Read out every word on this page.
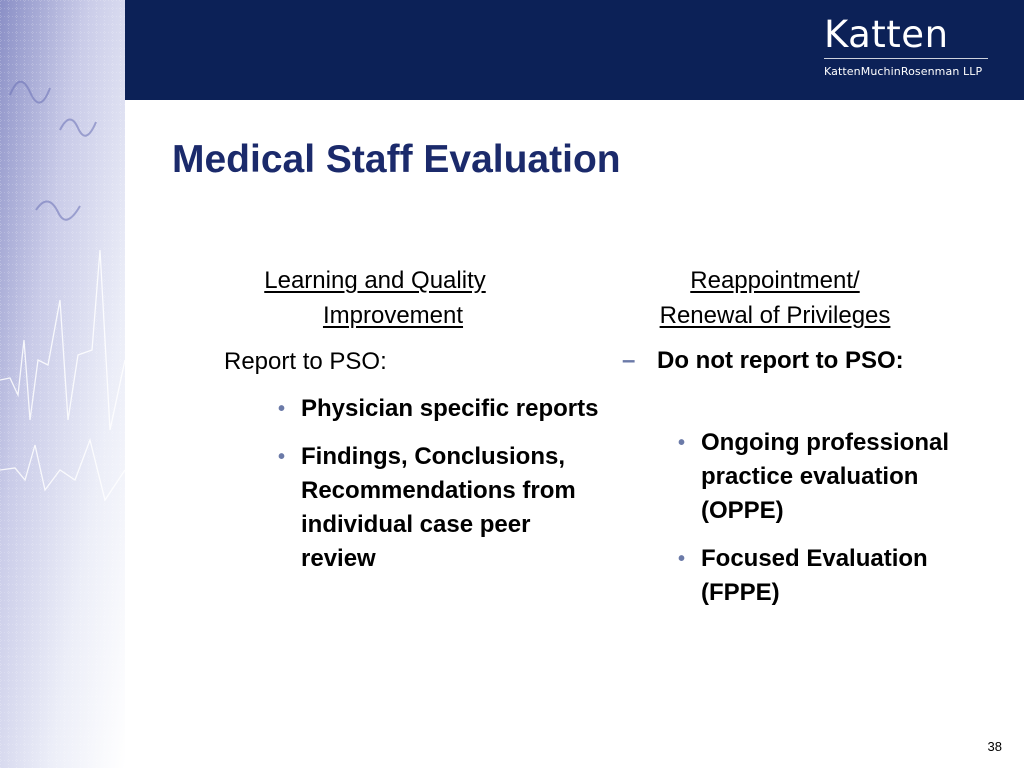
Katten
KattenMuchinRosenman LLP
Medical Staff Evaluation
Learning and Quality
Improvement

Report to PSO:

• Physician specific reports
• Findings, Conclusions, Recommendations from individual case peer review
Reappointment/
Renewal of Privileges

– Do not report to PSO:

• Ongoing professional practice evaluation (OPPE)
• Focused Evaluation (FPPE)
38
